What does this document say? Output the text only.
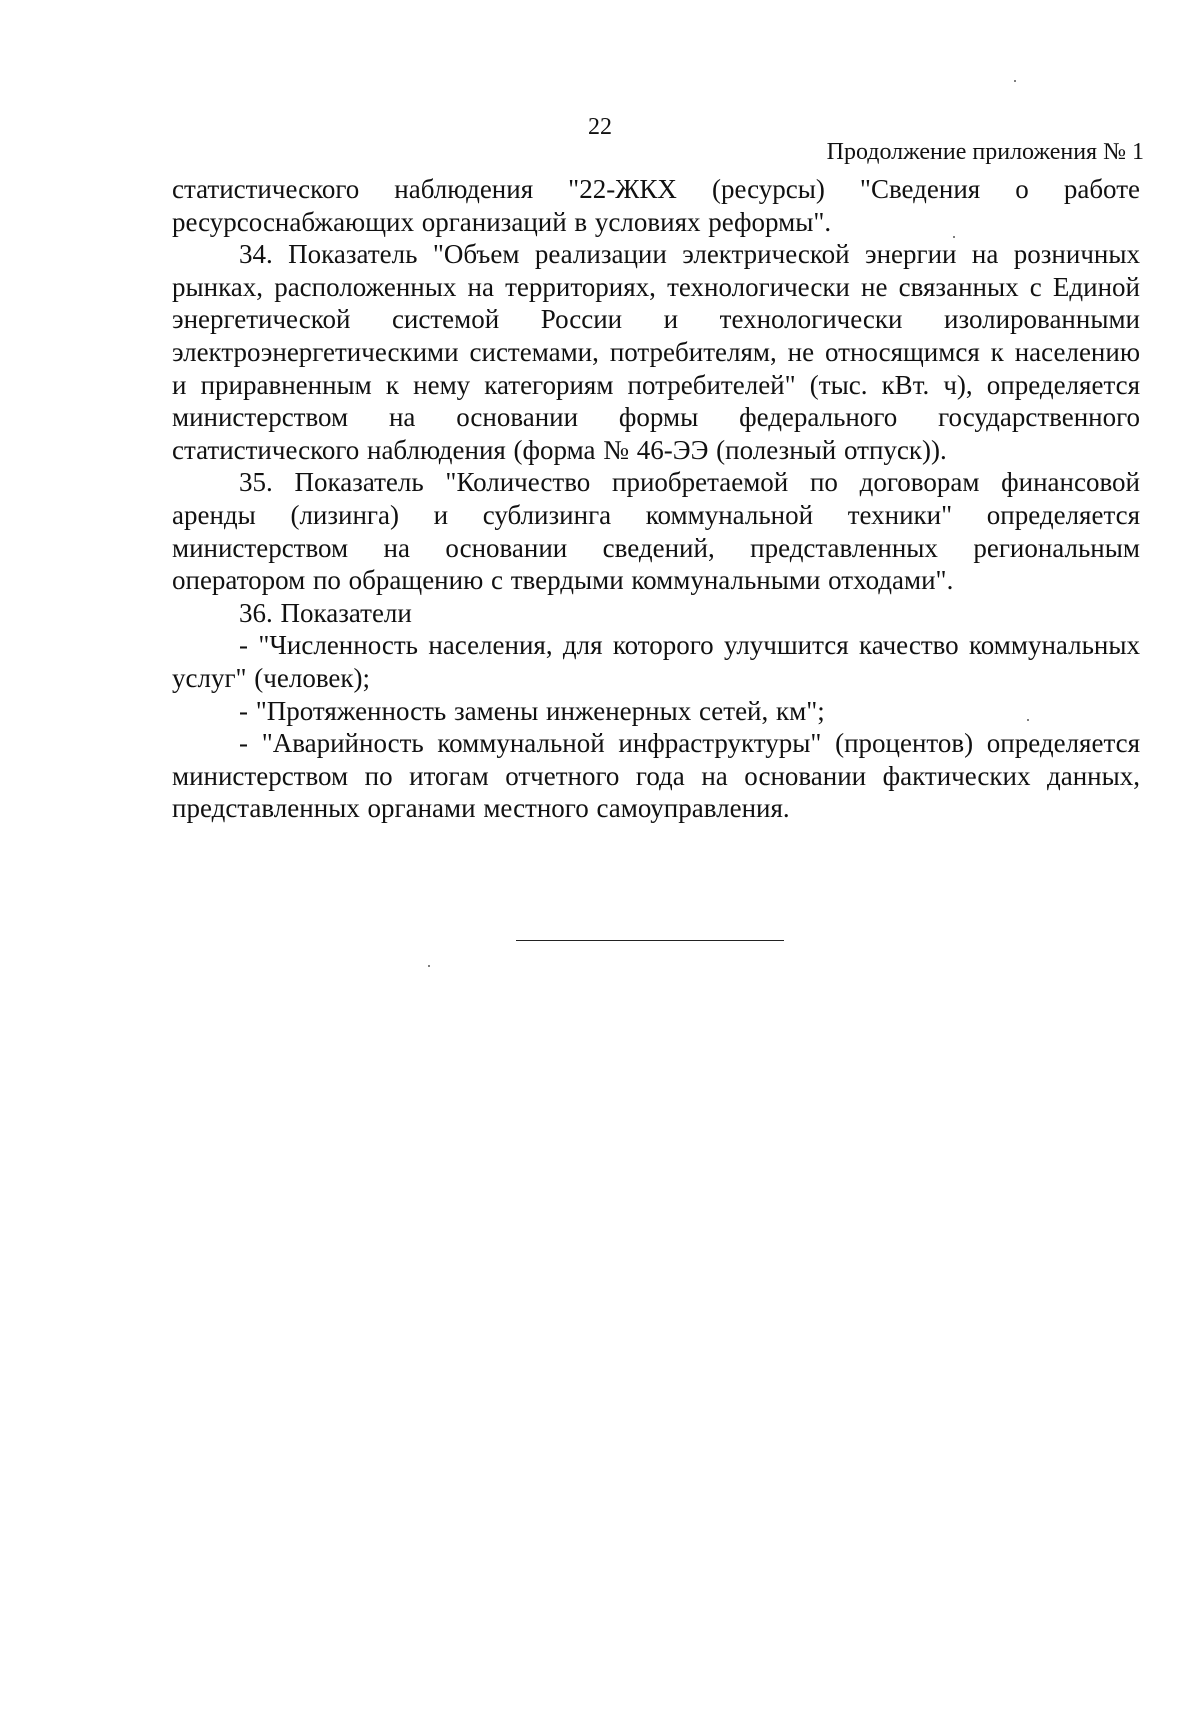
22
Продолжение приложения № 1

статистического наблюдения "22-ЖКХ (ресурсы) "Сведения о работе ресурсоснабжающих организаций в условиях реформы".

34. Показатель "Объем реализации электрической энергии на розничных рынках, расположенных на территориях, технологически не связанных с Единой энергетической системой России и технологически изолированными электроэнергетическими системами, потребителям, не относящимся к населению и приравненным к нему категориям потребителей" (тыс. кВт. ч), определяется министерством на основании формы федерального государственного статистического наблюдения (форма № 46-ЭЭ (полезный отпуск)).

35. Показатель "Количество приобретаемой по договорам финансовой аренды (лизинга) и сублизинга коммунальной техники" определяется министерством на основании сведений, представленных региональным оператором по обращению с твердыми коммунальными отходами".

36. Показатели

- "Численность населения, для которого улучшится качество коммунальных услуг" (человек);

- "Протяженность замены инженерных сетей, км";

- "Аварийность коммунальной инфраструктуры" (процентов) определяется министерством по итогам отчетного года на основании фактических данных, представленных органами местного самоуправления.
